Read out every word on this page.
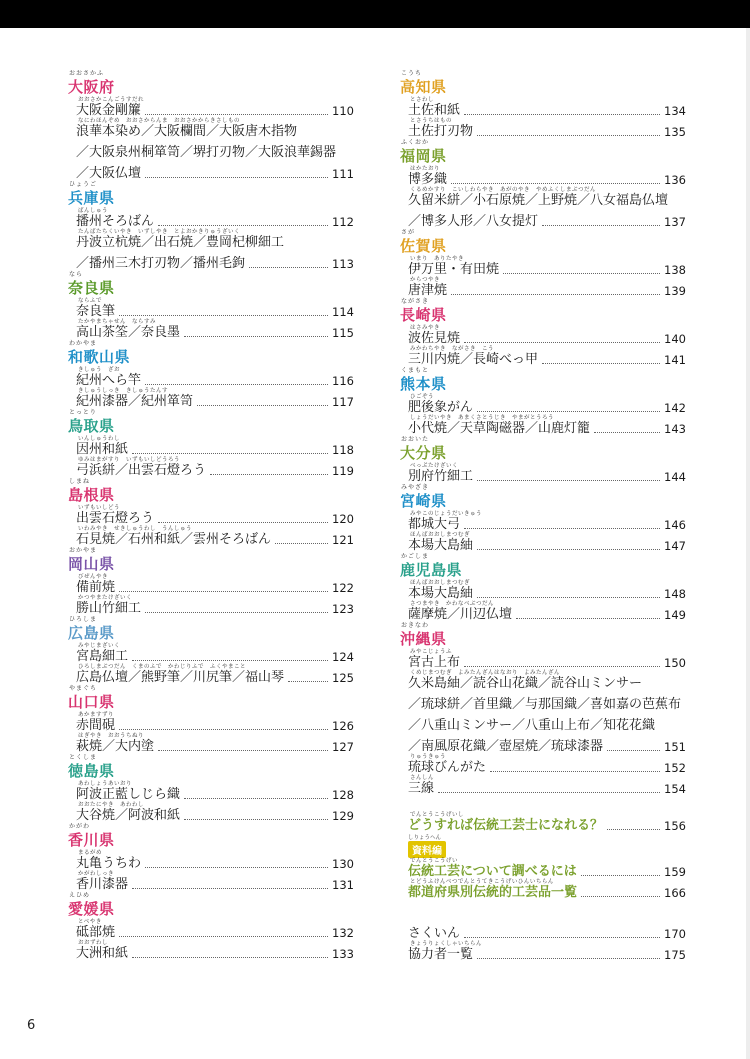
おおさかふ
大阪府
おおさかこんごうすだれ
大阪金剛簾	110
なにわほんぞめ　おおさからんま　おおさかからきさしもの
浪華本染め／大阪欄間／大阪唐木指物
／大阪泉州桐箪笥／堺打刃物／大阪浪華錫器
／大阪仏壇	111
ひょうご
兵庫県
ばんしゅう
播州そろばん	112
たんばたちくいやき　いずしやき　とよおかきりゅうざいく
丹波立杭焼／出石焼／豊岡杞柳細工
／播州三木打刃物／播州毛鉤	113
なら
奈良県
ならふで
奈良筆	114
たかやまちゃせん　ならすみ
高山茶筌／奈良墨	115
わかやま
和歌山県
きしゅう　ざお
紀州へら竿	116
きしゅうしっき　きしゅうたんす
紀州漆器／紀州箪笥	117
とっとり
鳥取県
いんしゅうわし
因州和紙	118
ゆみはまがすり　いずもいしどうろう
弓浜絣／出雲石燈ろう	119
しまね
島根県
いずもいしどう
出雲石燈ろう	120
いわみやき　せきしゅうわし　うんしゅう
石見焼／石州和紙／雲州そろばん	121
おかやま
岡山県
びぜんやき
備前焼	122
かつやまたけざいく
勝山竹細工	123
ひろしま
広島県
みやじまざいく
宮島細工	124
ひろしまぶつだん　くまのふで　かわじりふで　ふくやまこと
広島仏壇／熊野筆／川尻筆／福山琴	125
やまぐち
山口県
あかますずり
赤間硯	126
はぎやき　おおうちぬり
萩焼／大内塗	127
とくしま
徳島県
あわしょうあいおり
阿波正藍しじら織	128
おおたにやき　あわわし
大谷焼／阿波和紙	129
かがわ
香川県
まるがめ
丸亀うちわ	130
かがわしっき
香川漆器	131
えひめ
愛媛県
とべやき
砥部焼	132
おおずわし
大洲和紙	133
こうち
高知県
とさわし
土佐和紙	134
とさうちはもの
土佐打刃物	135
ふくおか
福岡県
はかたおり
博多織	136
くるめかすり　こいしわらやき　あがのやき　やめふくしまぶつだん
久留米絣／小石原焼／上野焼／八女福島仏壇
／博多人形／八女提灯	137
さが
佐賀県
いまり　ありたやき
伊万里・有田焼	138
からつやき
唐津焼	139
ながさき
長崎県
はさみやき
波佐見焼	140
みかわちやき　ながさき　こう
三川内焼／長崎べっ甲	141
くまもと
熊本県
ひごぞう
肥後象がん	142
しょうだいやき　あまくさとうじき　やまがとうろう
小代焼／天草陶磁器／山鹿灯籠	143
おおいた
大分県
べっぷたけざいく
別府竹細工	144
みやざき
宮崎県
みやこのじょうだいきゅう
都城大弓	146
ほんばおおしまつむぎ
本場大島紬	147
かごしま
鹿児島県
ほんばおおしまつむぎ
本場大島紬	148
さつまやき　かわなべぶつだん
薩摩焼／川辺仏壇	149
おきなわ
沖縄県
みやこじょうふ
宮古上布	150
くめじまつむぎ　よみたんざんはなおり　よみたんざん
久米島紬／読谷山花織／読谷山ミンサー
／琉球絣／首里織／与那国織／喜如嘉の芭蕉布
／八重山ミンサー／八重山上布／知花花織
／南風原花織／壺屋焼／琉球漆器	151
りゅうきゅう
琉球びんがた	152
さんしん
三線	154
でんとうこうげいし
どうすれば伝統工芸士になれる？	156
しりょうへん
資料編
でんとうこうげい
伝統工芸について調べるには	159
とどうふけんべつでんとうてきこうげいひんいちらん
都道府県別伝統的工芸品一覧	166
さくいん	170
きょうりょくしゃいちらん
協力者一覧	175
6
